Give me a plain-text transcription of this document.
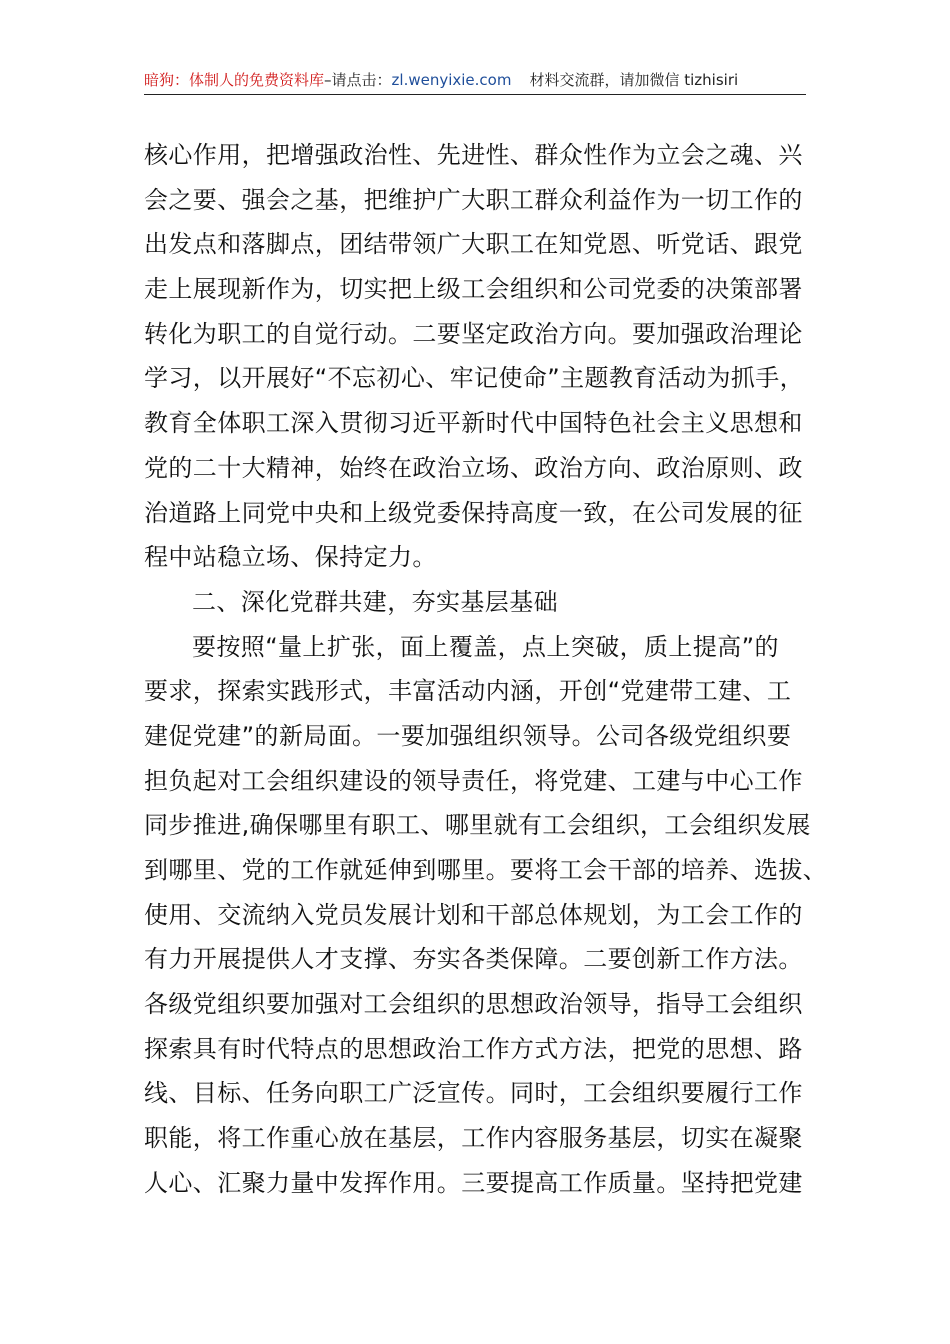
暗狗：体制人的免费资料库–请点击：zl.wenyixie.com 材料交流群，请加微信 tizhisiri
核心作用，把增强政治性、先进性、群众性作为立会之魂、兴
会之要、强会之基，把维护广大职工群众利益作为一切工作的
出发点和落脚点，团结带领广大职工在知党恩、听党话、跟党
走上展现新作为，切实把上级工会组织和公司党委的决策部署
转化为职工的自觉行动。二要坚定政治方向。要加强政治理论
学习，以开展好“不忘初心、牢记使命”主题教育活动为抓手，
教育全体职工深入贯彻习近平新时代中国特色社会主义思想和
党的二十大精神，始终在政治立场、政治方向、政治原则、政
治道路上同党中央和上级党委保持高度一致，在公司发展的征
程中站稳立场、保持定力。
二、深化党群共建，夯实基层基础
要按照“量上扩张，面上覆盖，点上突破，质上提高”的
要求，探索实践形式，丰富活动内涵，开创“党建带工建、工
建促党建”的新局面。一要加强组织领导。公司各级党组织要
担负起对工会组织建设的领导责任，将党建、工建与中心工作
同步推进,确保哪里有职工、哪里就有工会组织，工会组织发展
到哪里、党的工作就延伸到哪里。要将工会干部的培养、选拔、
使用、交流纳入党员发展计划和干部总体规划，为工会工作的
有力开展提供人才支撑、夯实各类保障。二要创新工作方法。
各级党组织要加强对工会组织的思想政治领导，指导工会组织
探索具有时代特点的思想政治工作方式方法，把党的思想、路
线、目标、任务向职工广泛宣传。同时，工会组织要履行工作
职能，将工作重心放在基层，工作内容服务基层，切实在凝聚
人心、汇聚力量中发挥作用。三要提高工作质量。坚持把党建
